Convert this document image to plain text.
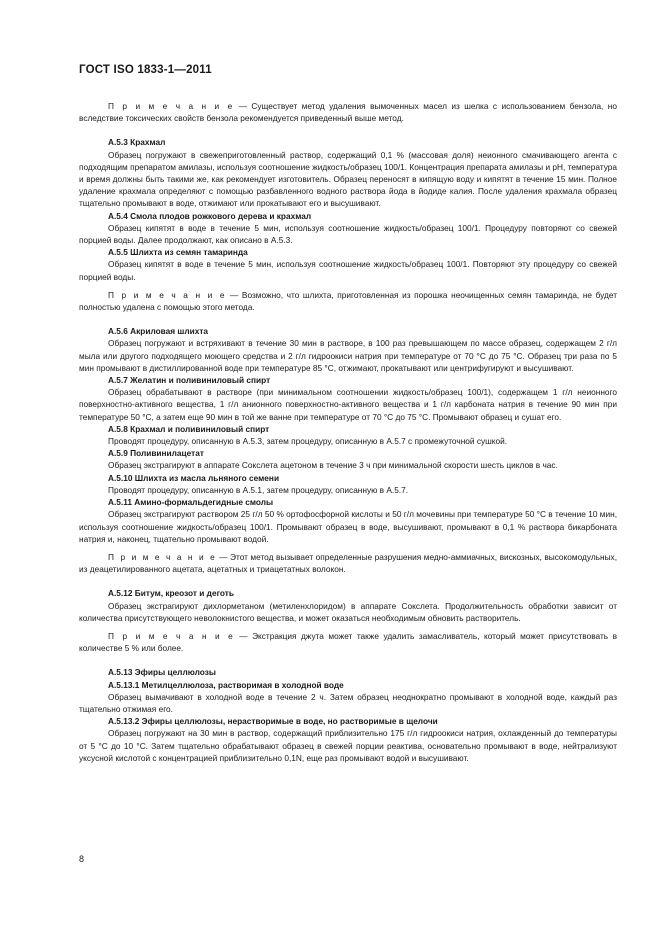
ГОСТ ISO 1833-1—2011

П р и м е ч а н и е — Существует метод удаления вымоченных масел из шелка с использованием бензола, но вследствие токсических свойств бензола рекомендуется приведенный выше метод.

A.5.3 Крахмал

Образец погружают в свежеприготовленный раствор, содержащий 0,1 % (массовая доля) неионного смачивающего агента с подходящим препаратом амилазы, используя соотношение жидкость/образец 100/1. Концентрация препарата амилазы и pH, температура и время должны быть такими же, как рекомендует изготовитель. Образец переносят в кипящую воду и кипятят в течение 15 мин. Полное удаление крахмала определяют с помощью разбавленного водного раствора йода в йодиде калия. После удаления крахмала образец тщательно промывают в воде, отжимают или прокатывают его и высушивают.

A.5.4 Смола плодов рожкового дерева и крахмал

Образец кипятят в воде в течение 5 мин, используя соотношение жидкость/образец 100/1. Процедуру повторяют со свежей порцией воды. Далее продолжают, как описано в A.5.3.

A.5.5 Шлихта из семян тамаринда

Образец кипятят в воде в течение 5 мин, используя соотношение жидкость/образец 100/1. Повторяют эту процедуру со свежей порцией воды.

П р и м е ч а н и е — Возможно, что шлихта, приготовленная из порошка неочищенных семян тамаринда, не будет полностью удалена с помощью этого метода.

A.5.6 Акриловая шлихта

Образец погружают и встряхивают в течение 30 мин в растворе, в 100 раз превышающем по массе образец, содержащем 2 г/л мыла или другого подходящего моющего средства и 2 г/л гидроокиси натрия при температуре от 70 °С до 75 °С. Образец три раза по 5 мин промывают в дистиллированной воде при температуре 85 °С, отжимают, прокатывают или центрифугируют и высушивают.

A.5.7 Желатин и поливиниловый спирт

Образец обрабатывают в растворе (при минимальном соотношении жидкость/образец 100/1), содержащем 1 г/л неионного поверхностно-активного вещества, 1 г/л анионного поверхностно-активного вещества и 1 г/л карбоната натрия в течение 90 мин при температуре 50 °С, а затем еще 90 мин в той же ванне при температуре от 70 °С до 75 °С. Промывают образец и сушат его.

A.5.8 Крахмал и поливиниловый спирт

Проводят процедуру, описанную в A.5.3, затем процедуру, описанную в A.5.7 с промежуточной сушкой.

A.5.9 Поливинилацетат

Образец экстрагируют в аппарате Сокслета ацетоном в течение 3 ч при минимальной скорости шесть циклов в час.

A.5.10 Шлихта из масла льняного семени

Проводят процедуру, описанную в A.5.1, затем процедуру, описанную в A.5.7.

A.5.11 Амино-формальдегидные смолы

Образец экстрагируют раствором 25 г/л 50 % ортофосфорной кислоты и 50 г/л мочевины при температуре 50 °С в течение 10 мин, используя соотношение жидкость/образец 100/1. Промывают образец в воде, высушивают, промывают в 0,1 % раствора бикарбоната натрия и, наконец, тщательно промывают водой.

П р и м е ч а н и е — Этот метод вызывает определенные разрушения медно-аммиачных, вискозных, высокомодульных, из деацетилированного ацетата, ацетатных и триацетатных волокон.

A.5.12 Битум, креозот и деготь

Образец экстрагируют дихлорметаном (метиленхлоридом) в аппарате Сокслета. Продолжительность обработки зависит от количества присутствующего неволокнистого вещества, и может оказаться необходимым обновить растворитель.

П р и м е ч а н и е — Экстракция джута может также удалить замасливатель, который может присутствовать в количестве 5 % или более.

A.5.13 Эфиры целлюлозы

A.5.13.1 Метилцеллюлоза, растворимая в холодной воде

Образец вымачивают в холодной воде в течение 2 ч. Затем образец неоднократно промывают в холодной воде, каждый раз тщательно отжимая его.

A.5.13.2 Эфиры целлюлозы, нерастворимые в воде, но растворимые в щелочи

Образец погружают на 30 мин в раствор, содержащий приблизительно 175 г/л гидроокиси натрия, охлажденный до температуры от 5 °С до 10 °С. Затем тщательно обрабатывают образец в свежей порции реактива, основательно промывают в воде, нейтрализуют уксусной кислотой с концентрацией приблизительно 0,1N, еще раз промывают водой и высушивают.

8
